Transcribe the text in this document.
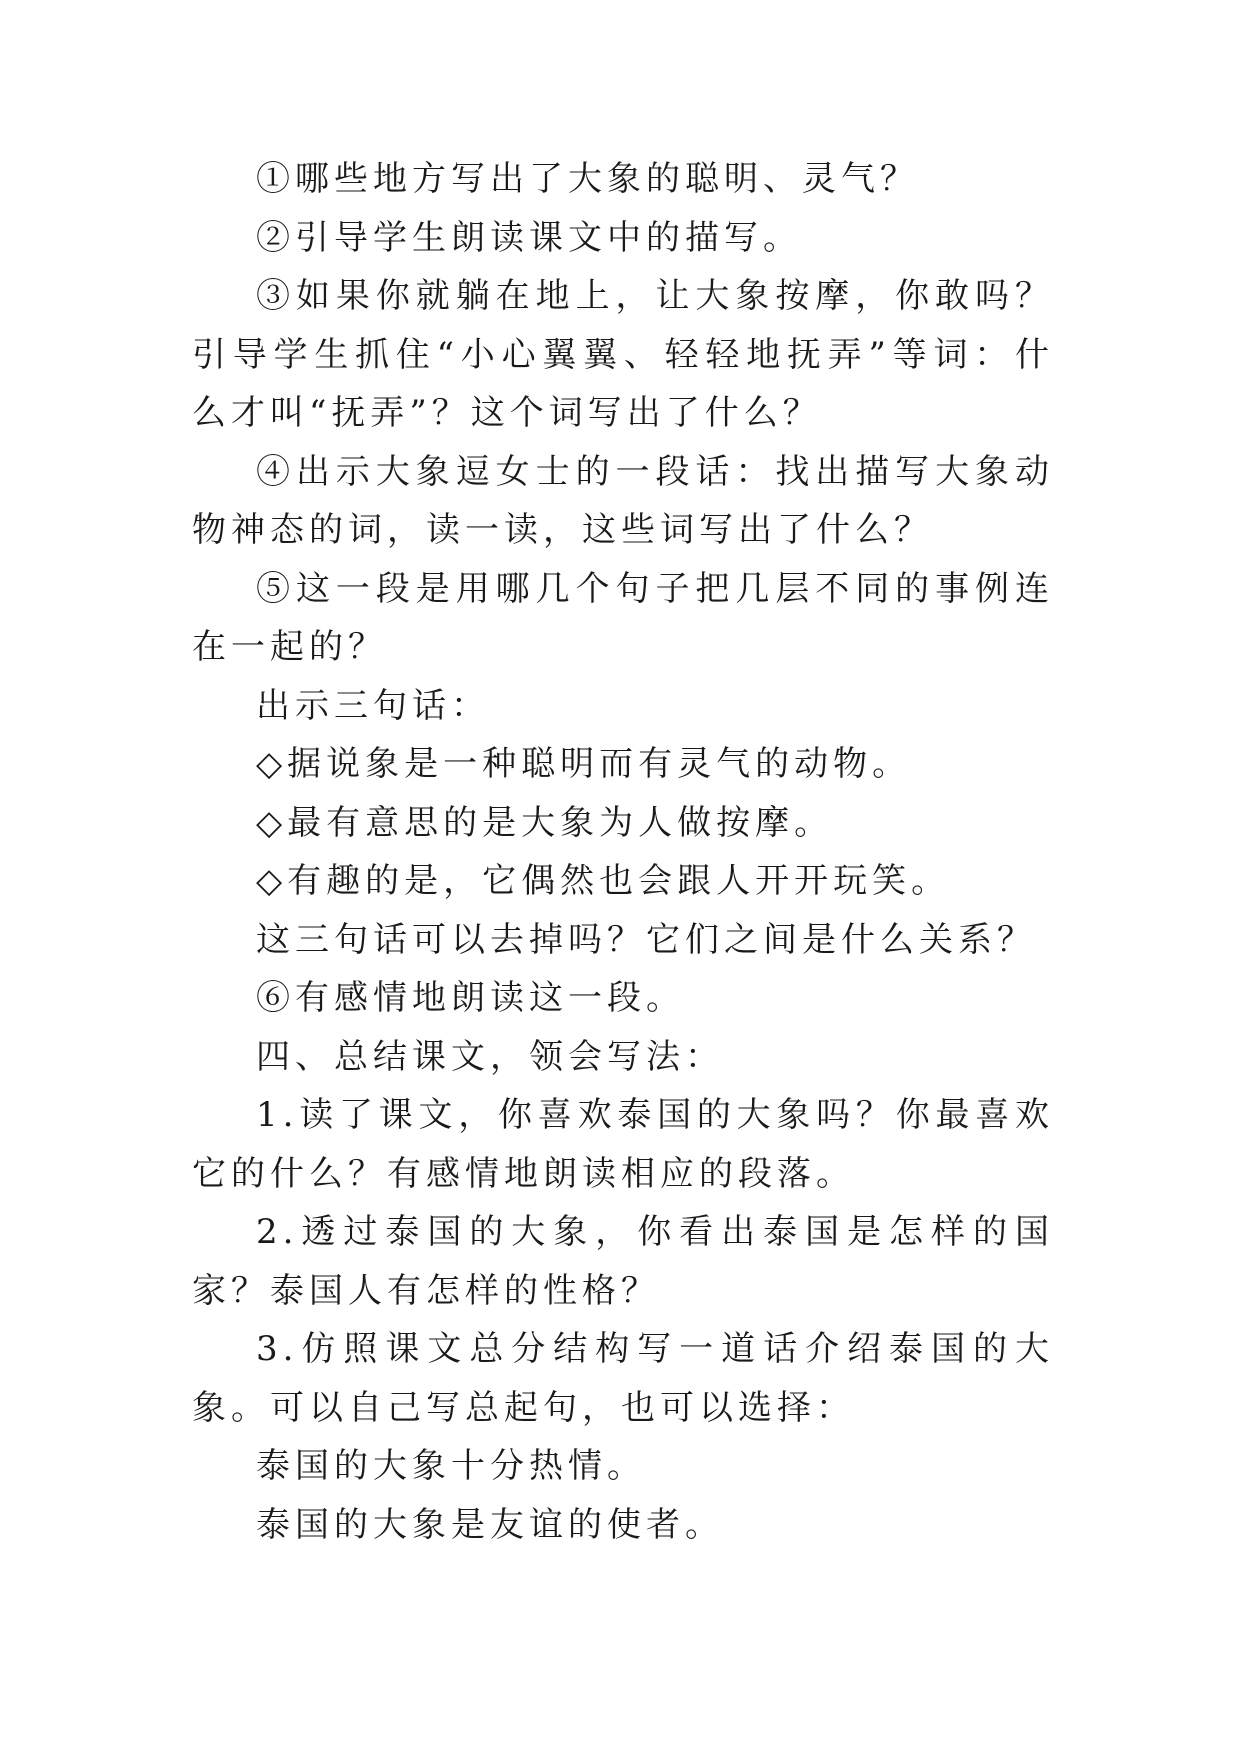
①哪些地方写出了大象的聪明、灵气？

②引导学生朗读课文中的描写。

③如果你就躺在地上，让大象按摩，你敢吗？引导学生抓住“小心翼翼、轻轻地抚弄”等词：什么才叫“抚弄”？这个词写出了什么？

④出示大象逗女士的一段话：找出描写大象动物神态的词，读一读，这些词写出了什么？

⑤这一段是用哪几个句子把几层不同的事例连在一起的？

出示三句话：

◇据说象是一种聪明而有灵气的动物。

◇最有意思的是大象为人做按摩。

◇有趣的是，它偶然也会跟人开开玩笑。

这三句话可以去掉吗？它们之间是什么关系？

⑥有感情地朗读这一段。

四、总结课文，领会写法：

1.读了课文，你喜欢泰国的大象吗？你最喜欢它的什么？有感情地朗读相应的段落。

2.透过泰国的大象，你看出泰国是怎样的国家？泰国人有怎样的性格？

3.仿照课文总分结构写一道话介绍泰国的大象。可以自己写总起句，也可以选择：

泰国的大象十分热情。

泰国的大象是友谊的使者。
